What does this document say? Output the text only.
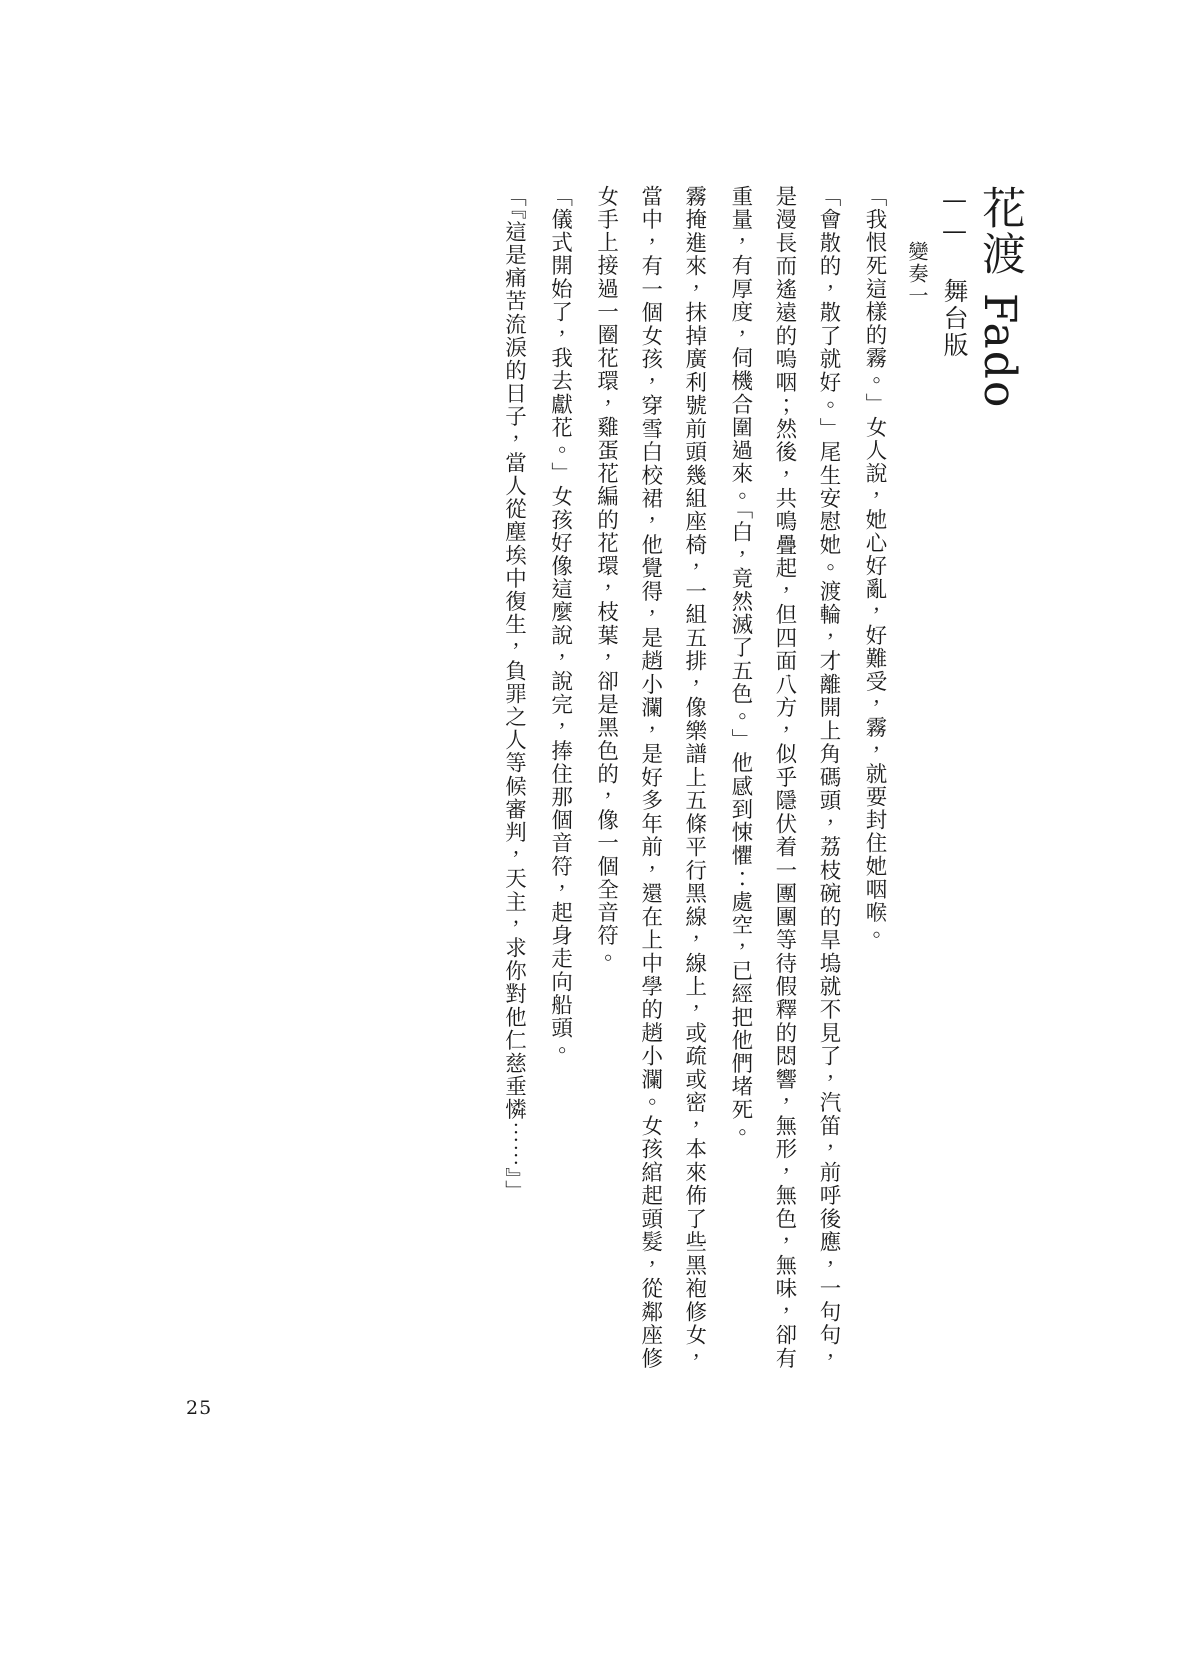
花渡 Fado
—— 舞台版
變奏一

「我恨死這樣的霧。」女人說，她心好亂，好難受，霧，就要封住她咽喉。

「會散的，散了就好。」尾生安慰她。渡輪，才離開上角碼頭，荔枝碗的旱塢就不見了，汽笛，前呼後應，一句句，是漫長而遙遠的嗚咽；然後，共鳴疊起，但四面八方，似乎隱伏着一團團等待假釋的悶響，無形，無色，無味，卻有重量，有厚度，伺機合圍過來。「白，竟然滅了五色。」他感到悚懼：處空，已經把他們堵死。

霧掩進來，抹掉廣利號前頭幾組座椅，一組五排，像樂譜上五條平行黑線，線上，或疏或密，本來佈了些黑袍修女，當中，有一個女孩，穿雪白校裙，他覺得，是趙小瀾，是好多年前，還在上中學的趙小瀾。女孩綰起頭髮，從鄰座修女手上接過一圈花環，雞蛋花編的花環，枝葉，卻是黑色的，像一個全音符。

「儀式開始了，我去獻花。」女孩好像這麼說，說完，捧住那個音符，起身走向船頭。

「『這是痛苦流淚的日子，當人從塵埃中復生，負罪之人等候審判，天主，求你對他仁慈垂憐⋯⋯』」

25
